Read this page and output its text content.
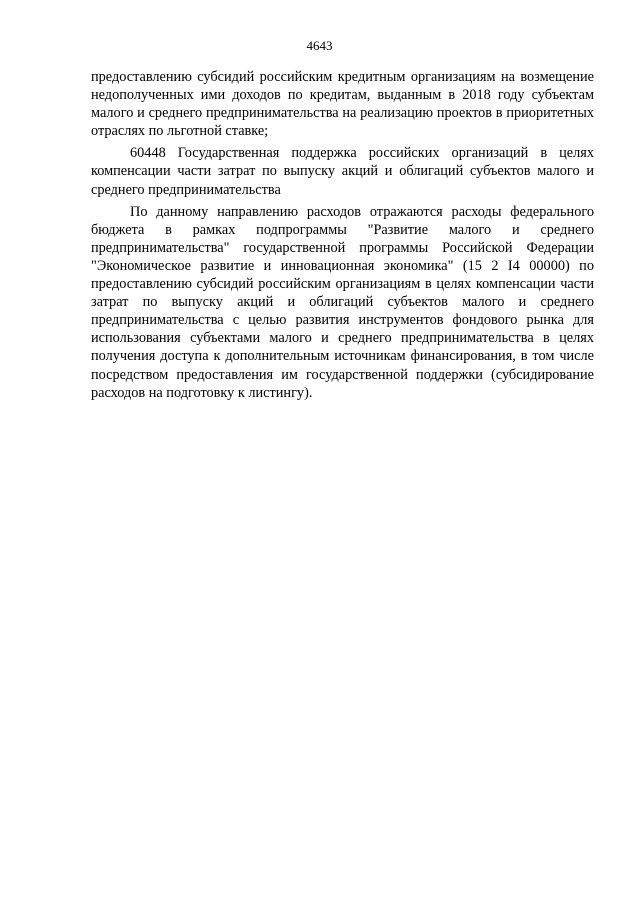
4643

предоставлению субсидий российским кредитным организациям на возмещение недополученных ими доходов по кредитам, выданным в 2018 году субъектам малого и среднего предпринимательства на реализацию проектов в приоритетных отраслях по льготной ставке;

60448 Государственная поддержка российских организаций в целях компенсации части затрат по выпуску акций и облигаций субъектов малого и среднего предпринимательства

По данному направлению расходов отражаются расходы федерального бюджета в рамках подпрограммы "Развитие малого и среднего предпринимательства" государственной программы Российской Федерации "Экономическое развитие и инновационная экономика" (15 2 I4 00000) по предоставлению субсидий российским организациям в целях компенсации части затрат по выпуску акций и облигаций субъектов малого и среднего предпринимательства с целью развития инструментов фондового рынка для использования субъектами малого и среднего предпринимательства в целях получения доступа к дополнительным источникам финансирования, в том числе посредством предоставления им государственной поддержки (субсидирование расходов на подготовку к листингу).
